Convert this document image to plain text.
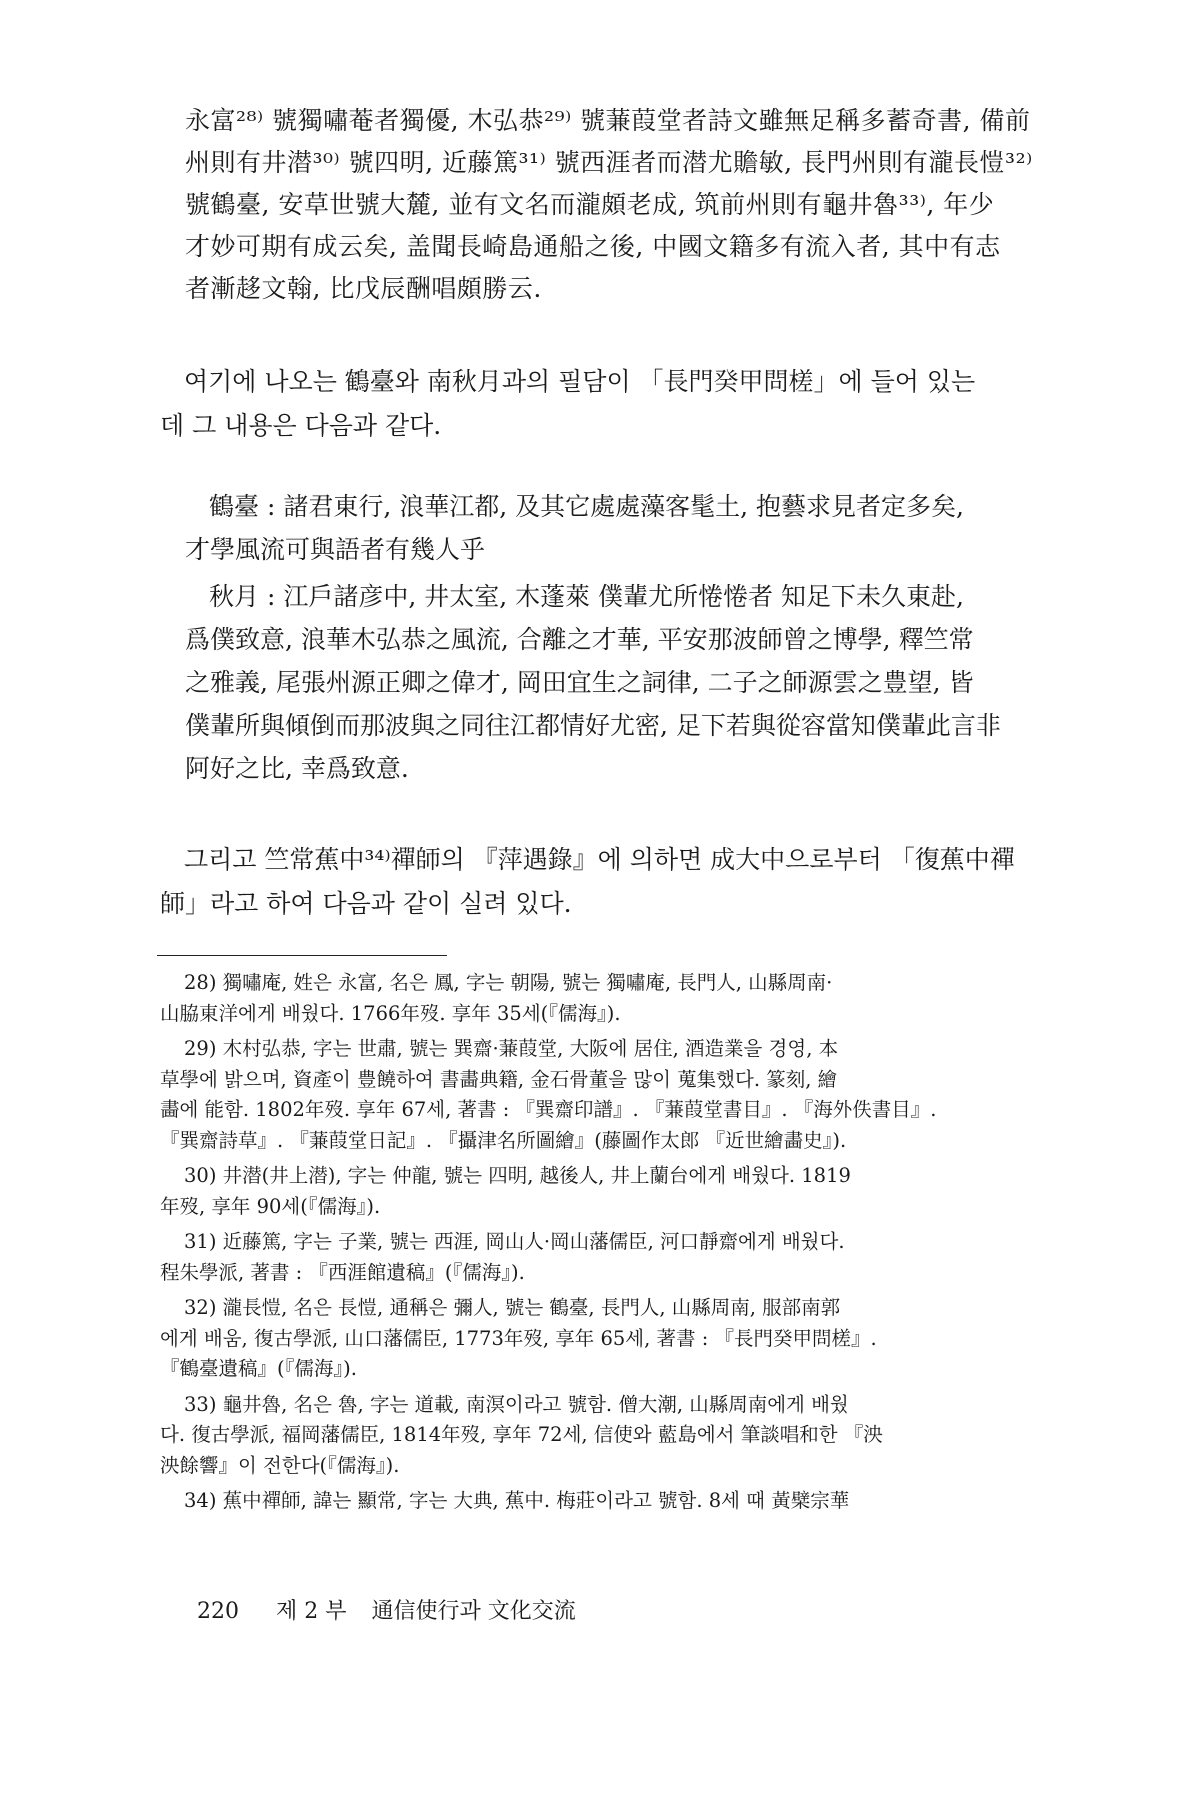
永富²⁸⁾ 號獨嘯菴者獨優, 木弘恭²⁹⁾ 號蒹葭堂者詩文雖無足稱多蓄奇書, 備前
州則有井潜³⁰⁾ 號四明, 近藤篤³¹⁾ 號西涯者而潜尤贍敏, 長門州則有瀧長愷³²⁾
號鶴臺, 安草世號大麓, 並有文名而瀧頗老成, 筑前州則有龜井魯³³⁾, 年少
才妙可期有成云矣, 盖聞長崎島通船之後, 中國文籍多有流入者, 其中有志
者漸趍文翰, 比戊辰酬唱頗勝云.
여기에 나오는 鶴臺와 南秋月과의 필담이 「長門癸甲問槎」에 들어 있는
데 그 내용은 다음과 같다.
鶴臺 : 諸君東行, 浪華江都, 及其它處處藻客髦土, 抱藝求見者定多矣,
才學風流可與語者有幾人乎
秋月 : 江戶諸彦中, 井太室, 木蓬萊 僕輩尤所惓惓者 知足下未久東赴,
爲僕致意, 浪華木弘恭之風流, 合離之才華, 平安那波師曾之博學, 釋竺常
之雅義, 尾張州源正卿之偉才, 岡田宜生之詞律, 二子之師源雲之豊望, 皆
僕輩所與傾倒而那波與之同往江都情好尤密, 足下若與從容當知僕輩此言非
阿好之比, 幸爲致意.
그리고 竺常蕉中³⁴⁾禪師의 『萍遇錄』에 의하면 成大中으로부터 「復蕉中禪
師」라고 하여 다음과 같이 실려 있다.
28) 獨嘯庵, 姓은 永富, 名은 鳳, 字는 朝陽, 號는 獨嘯庵, 長門人, 山縣周南·
山脇東洋에게 배웠다. 1766年歿. 享年 35세(『儒海』).
29) 木村弘恭, 字는 世肅, 號는 巽齋·蒹葭堂, 大阪에 居住, 酒造業을 경영, 本
草學에 밝으며, 資產이 豊饒하여 書畵典籍, 金石骨董을 많이 蒐集했다. 篆刻, 繪
畵에 能함. 1802年歿. 享年 67세, 著書 : 『巽齋印譜』. 『蒹葭堂書目』. 『海外佚書目』.
『巽齋詩草』. 『蒹葭堂日記』. 『攝津名所圖繪』(藤圖作太郎 『近世繪畵史』).
30) 井潜(井上潜), 字는 仲龍, 號는 四明, 越後人, 井上蘭台에게 배웠다. 1819
年歿, 享年 90세(『儒海』).
31) 近藤篤, 字는 子業, 號는 西涯, 岡山人·岡山藩儒臣, 河口靜齋에게 배웠다.
程朱學派, 著書 : 『西涯館遺稿』(『儒海』).
32) 瀧長愷, 名은 長愷, 通稱은 彌人, 號는 鶴臺, 長門人, 山縣周南, 服部南郭
에게 배움, 復古學派, 山口藩儒臣, 1773年歿, 享年 65세, 著書 : 『長門癸甲問槎』.
『鶴臺遺稿』(『儒海』).
33) 龜井魯, 名은 魯, 字는 道載, 南溟이라고 號함. 僧大潮, 山縣周南에게 배웠
다. 復古學派, 福岡藩儒臣, 1814年歿, 享年 72세, 信使와 藍島에서 筆談唱和한 『泱
泱餘響』이 전한다(『儒海』).
34) 蕉中禪師, 諱는 顯常, 字는 大典, 蕉中. 梅莊이라고 號함. 8세 때 黃檗宗華
220 제 2 부 通信使行과 文化交流
